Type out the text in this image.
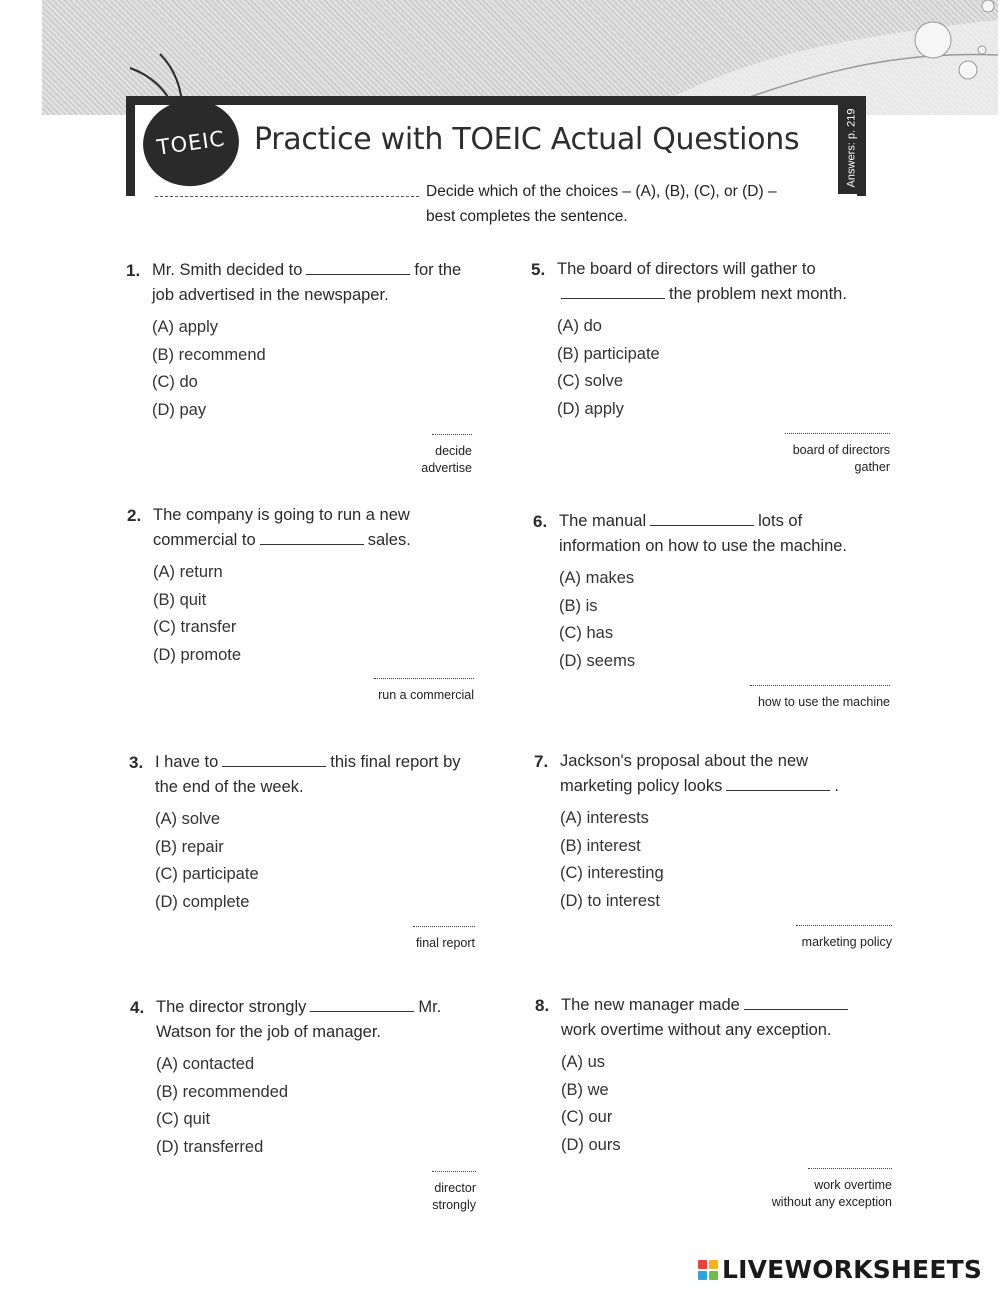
TOEIC Practice with TOEIC Actual Questions	Answers: p. 219
Decide which of the choices – (A), (B), (C), or (D) –
best completes the sentence.
1. Mr. Smith decided to	for the job advertised in the newspaper.
(A) apply
(B) recommend
(C) do
(D) pay
decide
advertise
2. The company is going to run a new commercial to	sales.
(A) return
(B) quit
(C) transfer
(D) promote
run a commercial
3. I have to	this final report by the end of the week.
(A) solve
(B) repair
(C) participate
(D) complete
final report
4. The director strongly	Mr. Watson for the job of manager.
(A) contacted
(B) recommended
(C) quit
(D) transferred
director
strongly
5. The board of directors will gather tothe problem next month.
(A) do
(B) participate
(C) solve
(D) apply
board of directors
gather
6. The manual	lots of information on how to use the machine.
(A) makes
(B) is
(C) has
(D) seems
how to use the machine
7. Jackson's proposal about the new marketing policy looks	.
(A) interests
(B) interest
(C) interesting
(D) to interest
marketing policy
8. The new manager madework overtime without any exception.
(A) us
(B) we
(C) our
(D) ours
work overtime
without any exception
LIVEWORKSHEETS
